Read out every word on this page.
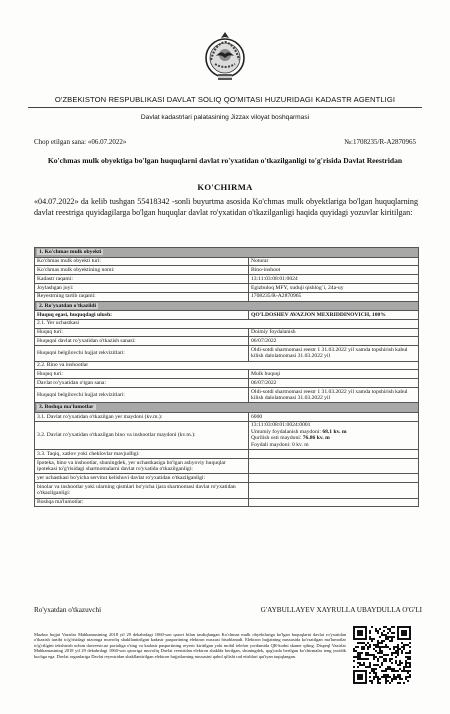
O'ZBEKISTON RESPUBLIKASI DAVLAT SOLIQ QO'MITASI HUZURIDAGI KADASTR AGENTLIGI
Davlat kadastrlari palatasining Jizzax viloyat boshqarmasi
Chop etilgan sana: «06.07.2022»	№:1708235/R-A2870965
Ko'chmas mulk obyektiga bo'lgan huquqlarni davlat ro'yxatidan o'tkazilganligi to'g'risida Davlat Reestridan
KO'CHIRMA
«04.07.2022» da kelib tushgan 55418342 -sonli buyurtma asosida Ko'chmas mulk obyektlariga bo'lgan huquqlarning davlat reestriga quyidagilarga bo'lgan huquqlar davlat ro'yxatidan o'tkazilganligi haqida quyidagi yozuvlar kiritilgan:
1. Ko'chmas mulk obyekti	
Ko'chmas mulk obyekti turi:	Noturar
Ko'chmas mulk obyektining nomi:	Bino-inshoot
Kadastr raqami:	13:11:03:08:01:0024
Joylashgan joyi:	Egizbuloq MFY, xuduji qishlog`i, 24a-uy
Reyestrning tartib raqami:	1708235/R-A2870965
2. Ro'yxatdan o'tkazildi	
Huquq egasi, huquqdagi ulush:	QO'LDOSHEV AVAZJON MEXRIDDINOVICH, 100%
2.1. Yer uchastkasi	
Huquq turi:	Doimiy foydalanish
Huquqni davlat ro'yxatidan o'tkazish sanasi:	06/07/2022
Huquqni belgilovchi hujjat rekvizitlari:	Oldi-sotdi shartnomasi reestr 1 31.03.2022 yil xamda topshirish kabul kilish dalolatnomasi 31.03.2022 yil
2.2. Bino va inshootlar	
Huquq turi:	Mulk huquqi
Davlat ro'yxatidan o'tgan sana:	06/07/2022
Huquqni belgilovchi hujjat rekvizitlari:	Oldi-sotdi shartnomasi reestr 1 31.03.2022 yil xamda topshirish kabul kilish dalolatnomasi 31.03.2022 yil
3. Boshqa ma'lumotlar	
3.1. Davlat ro'yxatidan o'tkazilgan yer maydoni (kv.m.):	6000
3.2. Davlat ro'yxatidan o'tkazilgan bino va inshootlar maydoni (kv.m.):	13:11:03:08:01:0024:0001
Umumiy foydalanish maydoni: 68.1 kv. m
Qurilish osti maydoni: 76.86 kv. m
Foydali maydoni: 0 kv. m

3.3. Taqiq, xatlov yoki cheklovlar mavjudligi:	
Ipoteka, bino va inshootlar, shuningdek, yer uchastkasiga bo'lgan ashyoviy huquqlar ipotekasi to'g'risidagi shartnomalarni davlat ro'yxatida o'tkazilganligi:	
yer uchastkasi bo'yicha servitut kelishuvi davlat ro'yxatidan o'tkazilganligi:	
binolar va inshootlar yoki ularning qismlari bo'yicha ijara shartnomasi davlat ro'yxatidan o'tkazilganligi:	
Boshqa ma'lumotlar:	
Ro'yxatdan o'tkazuvchi	G'AYBULLAYEV XAYRULLA UBAYDULLA O'G'LI
Mazkur hujjat Vazirlar Mahkamasining 2018 yil 29 dekabrdagi 1060-son qarori bilan tasdiqlangan Ko'chmas mulk obyektlariga bo'lgan huquqlarni davlat ro'yxatidan o'tkazish tartibi to'g'risidagi nizomga muvofiq shakllantirilgan kadastr pasportining elektron nusxasi hisoblanadi. Elektron hujjatning nusxasida ko'rsatilgan ma'lumotlar to'g'riligini tekshirish uchun davreestr.uz portaliga o'ting va kadastr pasportining reyestr kiritilgan yoki mobil telefon yordamida QR-kodni skaner qiling. Dispeql Vazirlar Mahkamasining 2018 yil 29 dekabrdagi 1060-son qaroriga muvofiq Davlat reestridan elektron shaklda berilgan, shuningdek, qog'ozda berilgan ko'chirmalar teng yuridik kuchga ega. Davlat organlariga Davlat reyestridan shakllantirilgan elektron hujjatlarning nusxasini qabul qilishi rad etishlari qat'iyan taqiqlangan.
